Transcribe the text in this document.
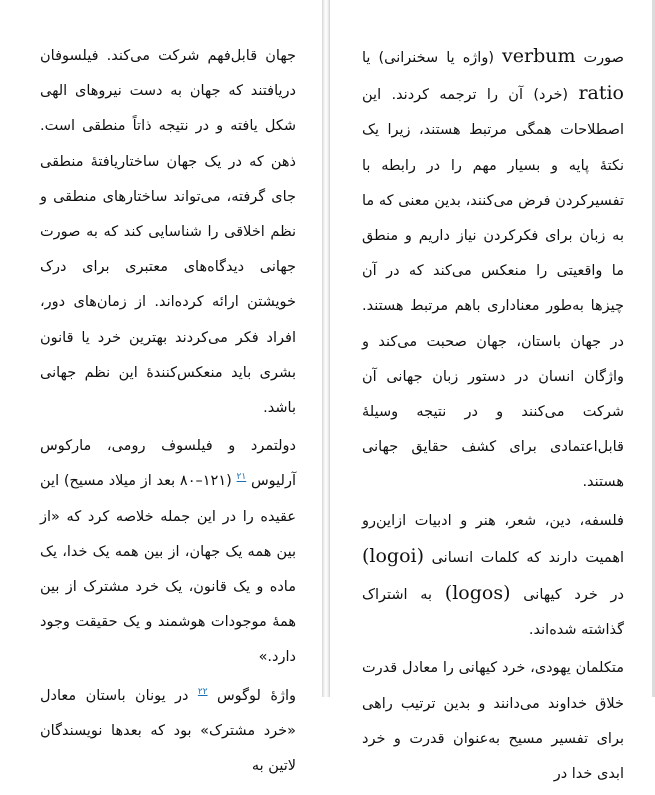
جهان قابل‌فهم شرکت می‌کند. فیلسوفان دریافتند که جهان به دست نیروهای الهی شکل یافته و در نتیجه ذاتاً منطقی است. ذهن که در یک جهان ساختاریافتهٔ منطقی جای گرفته، می‌تواند ساختارهای منطقی و نظم اخلاقی را شناسایی کند که به صورت جهانی دیدگاه‌های معتبری برای درک خویشتن ارائه کرده‌اند. از زمان‌های دور، افراد فکر می‌کردند بهترین خرد یا قانون بشری باید منعکس‌کنندهٔ این نظم جهانی باشد.

دولتمرد و فیلسوف رومی، مارکوس آرلیوس $^{٢١}$ (١٢١–٨٠ بعد از میلاد مسیح) این عقیده را در این جمله خلاصه کرد که «از بین همه یک جهان، از بین همه یک خدا، یک ماده و یک قانون، یک خرد مشترک از بین همهٔ موجودات هوشمند و یک حقیقت وجود دارد.»

واژهٔ لوگوس $^{٢٢}$ در یونان باستان معادل «خرد مشترک» بود که بعدها نویسندگان لاتین به

صورت verbum (واژه یا سخنرانی) یا ratio (خرد) آن را ترجمه کردند. این اصطلاحات همگی مرتبط هستند، زیرا یک نکتهٔ پایه و بسیار مهم را در رابطه با تفسیرکردن فرض می‌کنند، بدین معنی که ما به زبان برای فکرکردن نیاز داریم و منطق ما واقعیتی را منعکس می‌کند که در آن چیزها به‌طور معناداری باهم مرتبط هستند. در جهان باستان، جهان صحبت می‌کند و واژگان انسان در دستور زبان جهانی آن شرکت می‌کنند و در نتیجه وسیلهٔ قابل‌اعتمادی برای کشف حقایق جهانی هستند.

فلسفه، دین، شعر، هنر و ادبیات ازاین‌رو اهمیت دارند که کلمات انسانی (logoi) در خرد کیهانی (logos) به اشتراک گذاشته شده‌اند.

متکلمان یهودی، خرد کیهانی را معادل قدرت خلاق خداوند می‌دانند و بدین ترتیب راهی برای تفسیر مسیح به‌عنوان قدرت و خرد ابدی خدا در
